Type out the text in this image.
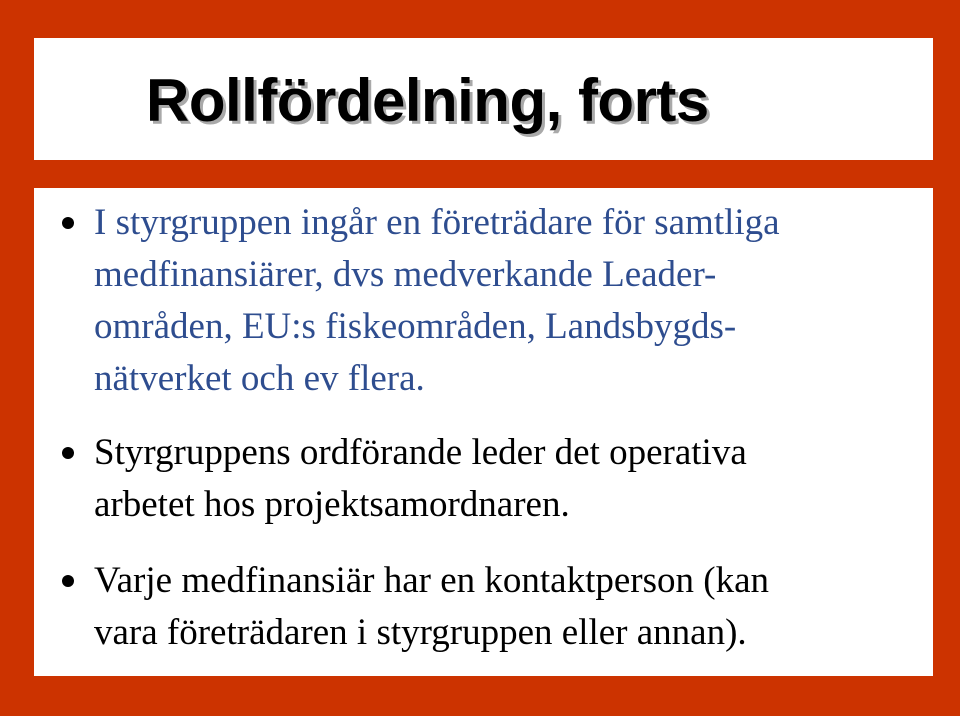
Rollfördelning, forts
I styrgruppen ingår en företrädare för samtliga
medfinansiärer, dvs medverkande Leader-
områden, EU:s fiskeområden, Landsbygds-
nätverket och ev flera.
Styrgruppens ordförande leder det operativa
arbetet hos projektsamordnaren.
Varje medfinansiär har en kontaktperson (kan
vara företrädaren i styrgruppen eller annan).
